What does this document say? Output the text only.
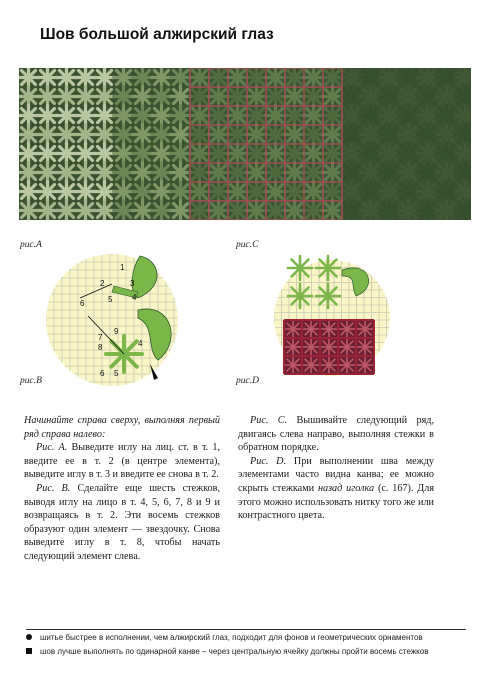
Шов большой алжирский глаз
рис.A
рис.B
1
2	3
4
5
6
9
7
8	4
5
6
рис.C
рис.D

Начинайте справа сверху, выполняя первый ряд справа налево:

Рис. A. Выведите иглу на лиц. ст. в т. 1, введите ее в т. 2 (в центре элемента), выведите иглу в т. 3 и введите ее снова в т. 2.

Рис. B. Сделайте еще шесть стежков, выводя иглу на лицо в т. 4, 5, 6, 7, 8 и 9 и возвращаясь в т. 2. Эти восемь стежков образуют один элемент — звездочку. Снова выведите иглу в т. 8, чтобы начать следующий элемент слева.

Рис. C. Вышивайте следующий ряд, двигаясь слева направо, выполняя стежки в обратном порядке.

Рис. D. При выполнении шва между элементами часто видна канва; ее можно скрыть стежками назад иголка (с. 167). Для этого можно использовать нитку того же или контрастного цвета.

шитье быстрее в исполнении, чем алжирский глаз, подходит для фонов и геометрических орнаментов
шов лучше выполнять по одинарной канве – через центральную ячейку должны пройти восемь стежков
